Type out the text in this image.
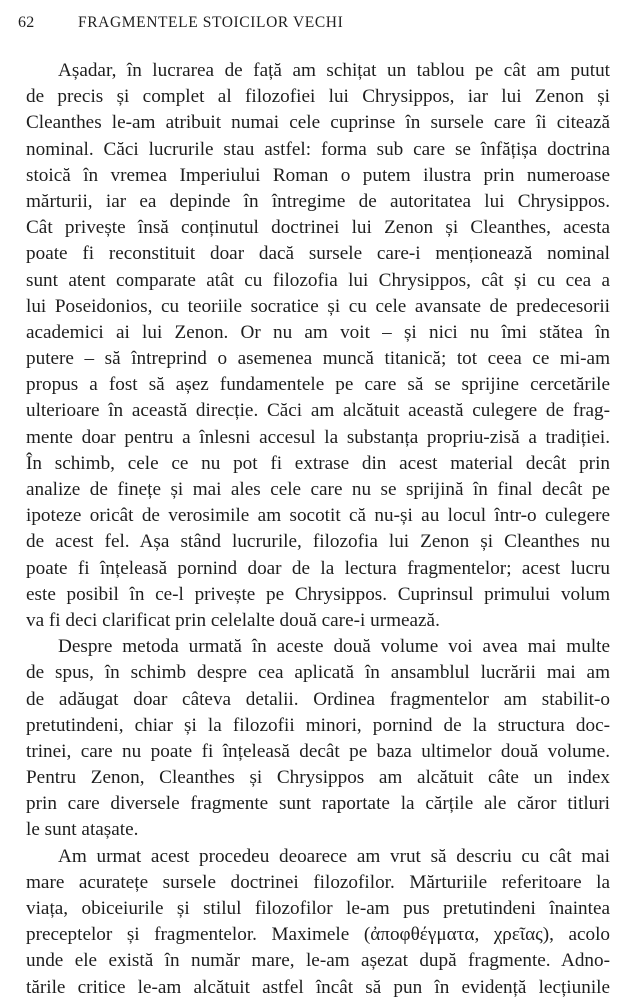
62	FRAGMENTELE STOICILOR VECHI
Așadar, în lucrarea de față am schițat un tablou pe cât am putut
de precis și complet al filozofiei lui Chrysippos, iar lui Zenon și
Cleanthes le-am atribuit numai cele cuprinse în sursele care îi citează
nominal. Căci lucrurile stau astfel: forma sub care se înfățișa doctrina
stoică în vremea Imperiului Roman o putem ilustra prin numeroase
mărturii, iar ea depinde în întregime de autoritatea lui Chrysippos.
Cât privește însă conținutul doctrinei lui Zenon și Cleanthes, acesta
poate fi reconstituit doar dacă sursele care-i menționează nominal
sunt atent comparate atât cu filozofia lui Chrysippos, cât și cu cea a
lui Poseidonios, cu teoriile socratice și cu cele avansate de predecesorii
academici ai lui Zenon. Or nu am voit – și nici nu îmi stătea în
putere – să întreprind o asemenea muncă titanică; tot ceea ce mi-am
propus a fost să așez fundamentele pe care să se sprijine cercetările
ulterioare în această direcție. Căci am alcătuit această culegere de frag-
mente doar pentru a înlesni accesul la substanța propriu-zisă a tradiției.
În schimb, cele ce nu pot fi extrase din acest material decât prin
analize de finețe și mai ales cele care nu se sprijină în final decât pe
ipoteze oricât de verosimile am socotit că nu-și au locul într-o culegere
de acest fel. Așa stând lucrurile, filozofia lui Zenon și Cleanthes nu
poate fi înțeleasă pornind doar de la lectura fragmentelor; acest lucru
este posibil în ce-l privește pe Chrysippos. Cuprinsul primului volum
va fi deci clarificat prin celelalte două care-i urmează.
Despre metoda urmată în aceste două volume voi avea mai multe
de spus, în schimb despre cea aplicată în ansamblul lucrării mai am
de adăugat doar câteva detalii. Ordinea fragmentelor am stabilit-o
pretutindeni, chiar și la filozofii minori, pornind de la structura doc-
trinei, care nu poate fi înțeleasă decât pe baza ultimelor două volume.
Pentru Zenon, Cleanthes și Chrysippos am alcătuit câte un index
prin care diversele fragmente sunt raportate la cărțile ale căror titluri
le sunt atașate.
Am urmat acest procedeu deoarece am vrut să descriu cu cât mai
mare acuratețe sursele doctrinei filozofilor. Mărturiile referitoare la
viața, obiceiurile și stilul filozofilor le-am pus pretutindeni înaintea
preceptelor și fragmentelor. Maximele (ἀποφθέγματα, χρεῖας), acolo
unde ele există în număr mare, le-am așezat după fragmente. Adno-
tările critice le-am alcătuit astfel încât să pun în evidență lecțiunile
